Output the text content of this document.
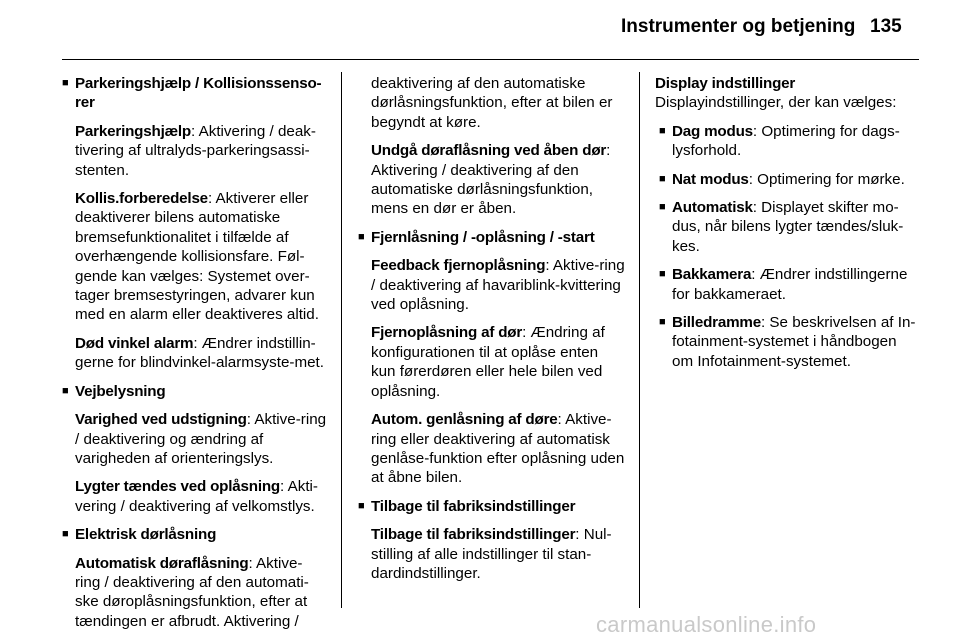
Instrumenter og betjening 135
■ Parkeringshjælp / Kollisionssenso-rer

Parkeringshjælp: Aktivering / deak-tivering af ultralyds-parkeringsassi-stenten.

Kollis.forberedelse: Aktiverer eller deaktiverer bilens automatiske bremsefunktionalitet i tilfælde af overhængende kollisionsfare. Føl-gende kan vælges: Systemet over-tager bremsestyringen, advarer kun med en alarm eller deaktiveres altid.

Død vinkel alarm: Ændrer indstillin-gerne for blindvinkel-alarmsyste-met.

■ Vejbelysning

Varighed ved udstigning: Aktive-ring / deaktivering og ændring af varigheden af orienteringslys.

Lygter tændes ved oplåsning: Akti-vering / deaktivering af velkomstlys.

■ Elektrisk dørlåsning

Automatisk døraflåsning: Aktive-ring / deaktivering af den automati-ske døroplåsningsfunktion, efter at tændingen er afbrudt. Aktivering /

deaktivering af den automatiske dørlåsningsfunktion, efter at bilen er begyndt at køre.

Undgå døraflåsning ved åben dør: Aktivering / deaktivering af den automatiske dørlåsningsfunktion, mens en dør er åben.

■ Fjernlåsning / -oplåsning / -start

Feedback fjernoplåsning: Aktive-ring / deaktivering af havariblink-kvittering ved oplåsning.

Fjernoplåsning af dør: Ændring af konfigurationen til at oplåse enten kun førerdøren eller hele bilen ved oplåsning.

Autom. genlåsning af døre: Aktive-ring eller deaktivering af automatisk genlåse-funktion efter oplåsning uden at åbne bilen.

■ Tilbage til fabriksindstillinger

Tilbage til fabriksindstillinger: Nul-stilling af alle indstillinger til stan-dardindstillinger.

Display indstillinger

Displayindstillinger, der kan vælges:

■ Dag modus: Optimering for dags-lysforhold.

■ Nat modus: Optimering for mørke.

■ Automatisk: Displayet skifter mo-dus, når bilens lygter tændes/sluk-kes.

■ Bakkamera: Ændrer indstillingerne for bakkameraet.

■ Billedramme: Se beskrivelsen af In-fotainment-systemet i håndbogen om Infotainment-systemet.

carmanualsonline.info
